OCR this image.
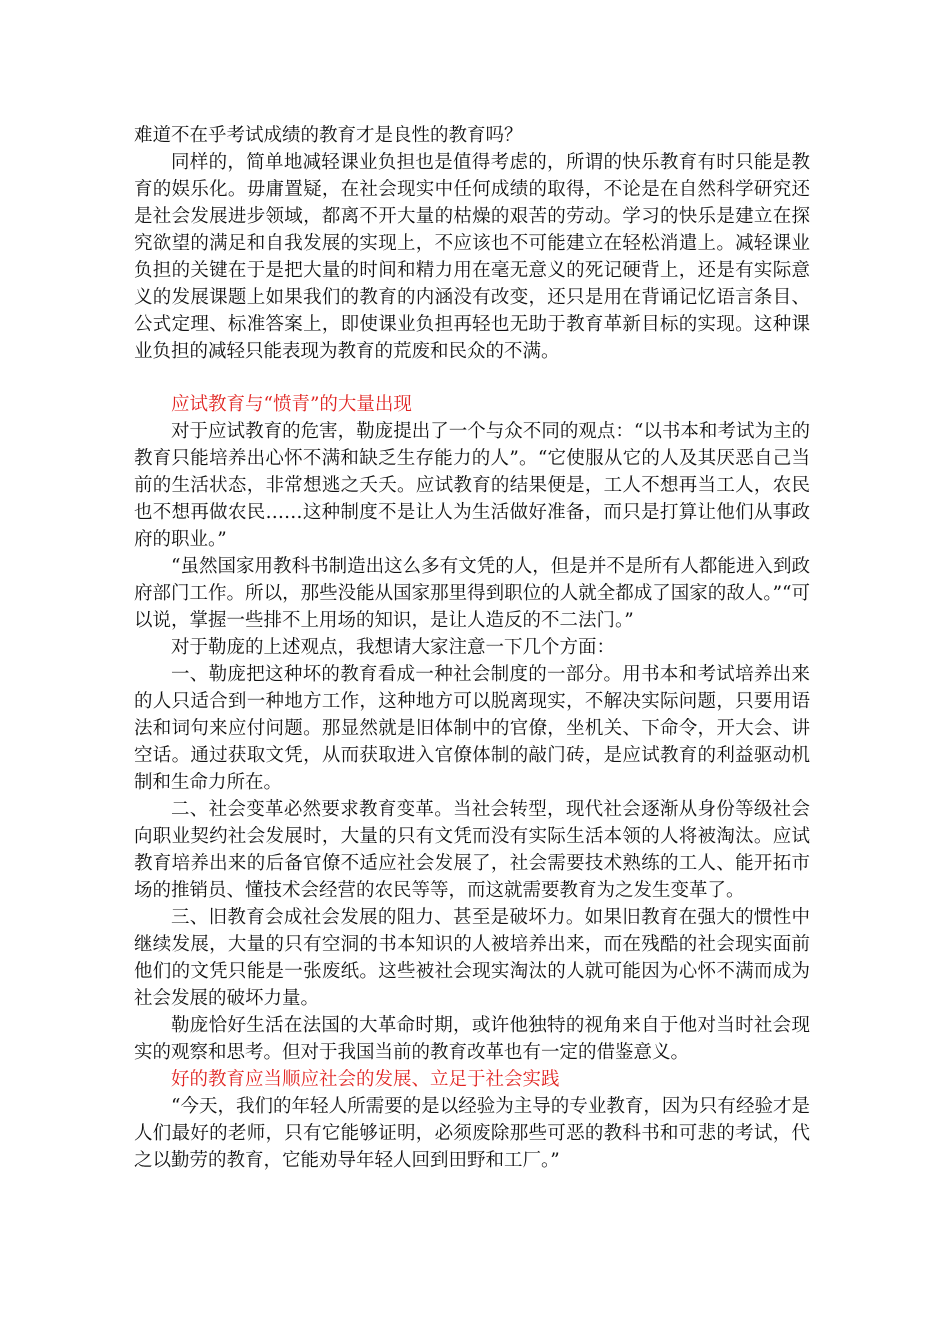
难道不在乎考试成绩的教育才是良性的教育吗？

同样的，简单地减轻课业负担也是值得考虑的，所谓的快乐教育有时只能是教育的娱乐化。毋庸置疑，在社会现实中任何成绩的取得，不论是在自然科学研究还是社会发展进步领域，都离不开大量的枯燥的艰苦的劳动。学习的快乐是建立在探究欲望的满足和自我发展的实现上，不应该也不可能建立在轻松消遣上。减轻课业负担的关键在于是把大量的时间和精力用在毫无意义的死记硬背上，还是有实际意义的发展课题上如果我们的教育的内涵没有改变，还只是用在背诵记忆语言条目、公式定理、标准答案上，即使课业负担再轻也无助于教育革新目标的实现。这种课业负担的减轻只能表现为教育的荒废和民众的不满。

应试教育与“愤青”的大量出现

对于应试教育的危害，勒庞提出了一个与众不同的观点：“以书本和考试为主的教育只能培养出心怀不满和缺乏生存能力的人”。“它使服从它的人及其厌恶自己当前的生活状态，非常想逃之夭夭。应试教育的结果便是，工人不想再当工人，农民也不想再做农民……这种制度不是让人为生活做好准备，而只是打算让他们从事政府的职业。”

“虽然国家用教科书制造出这么多有文凭的人，但是并不是所有人都能进入到政府部门工作。所以，那些没能从国家那里得到职位的人就全都成了国家的敌人。”“可以说，掌握一些排不上用场的知识，是让人造反的不二法门。”

对于勒庞的上述观点，我想请大家注意一下几个方面：

一、勒庞把这种坏的教育看成一种社会制度的一部分。用书本和考试培养出来的人只适合到一种地方工作，这种地方可以脱离现实，不解决实际问题，只要用语法和词句来应付问题。那显然就是旧体制中的官僚，坐机关、下命令，开大会、讲空话。通过获取文凭，从而获取进入官僚体制的敲门砖，是应试教育的利益驱动机制和生命力所在。

二、社会变革必然要求教育变革。当社会转型，现代社会逐渐从身份等级社会向职业契约社会发展时，大量的只有文凭而没有实际生活本领的人将被淘汰。应试教育培养出来的后备官僚不适应社会发展了，社会需要技术熟练的工人、能开拓市场的推销员、懂技术会经营的农民等等，而这就需要教育为之发生变革了。

三、旧教育会成社会发展的阻力、甚至是破坏力。如果旧教育在强大的惯性中继续发展，大量的只有空洞的书本知识的人被培养出来，而在残酷的社会现实面前他们的文凭只能是一张废纸。这些被社会现实淘汰的人就可能因为心怀不满而成为社会发展的破坏力量。

勒庞恰好生活在法国的大革命时期，或许他独特的视角来自于他对当时社会现实的观察和思考。但对于我国当前的教育改革也有一定的借鉴意义。

好的教育应当顺应社会的发展、立足于社会实践

“今天，我们的年轻人所需要的是以经验为主导的专业教育，因为只有经验才是人们最好的老师，只有它能够证明，必须废除那些可恶的教科书和可悲的考试，代之以勤劳的教育，它能劝导年轻人回到田野和工厂。”
